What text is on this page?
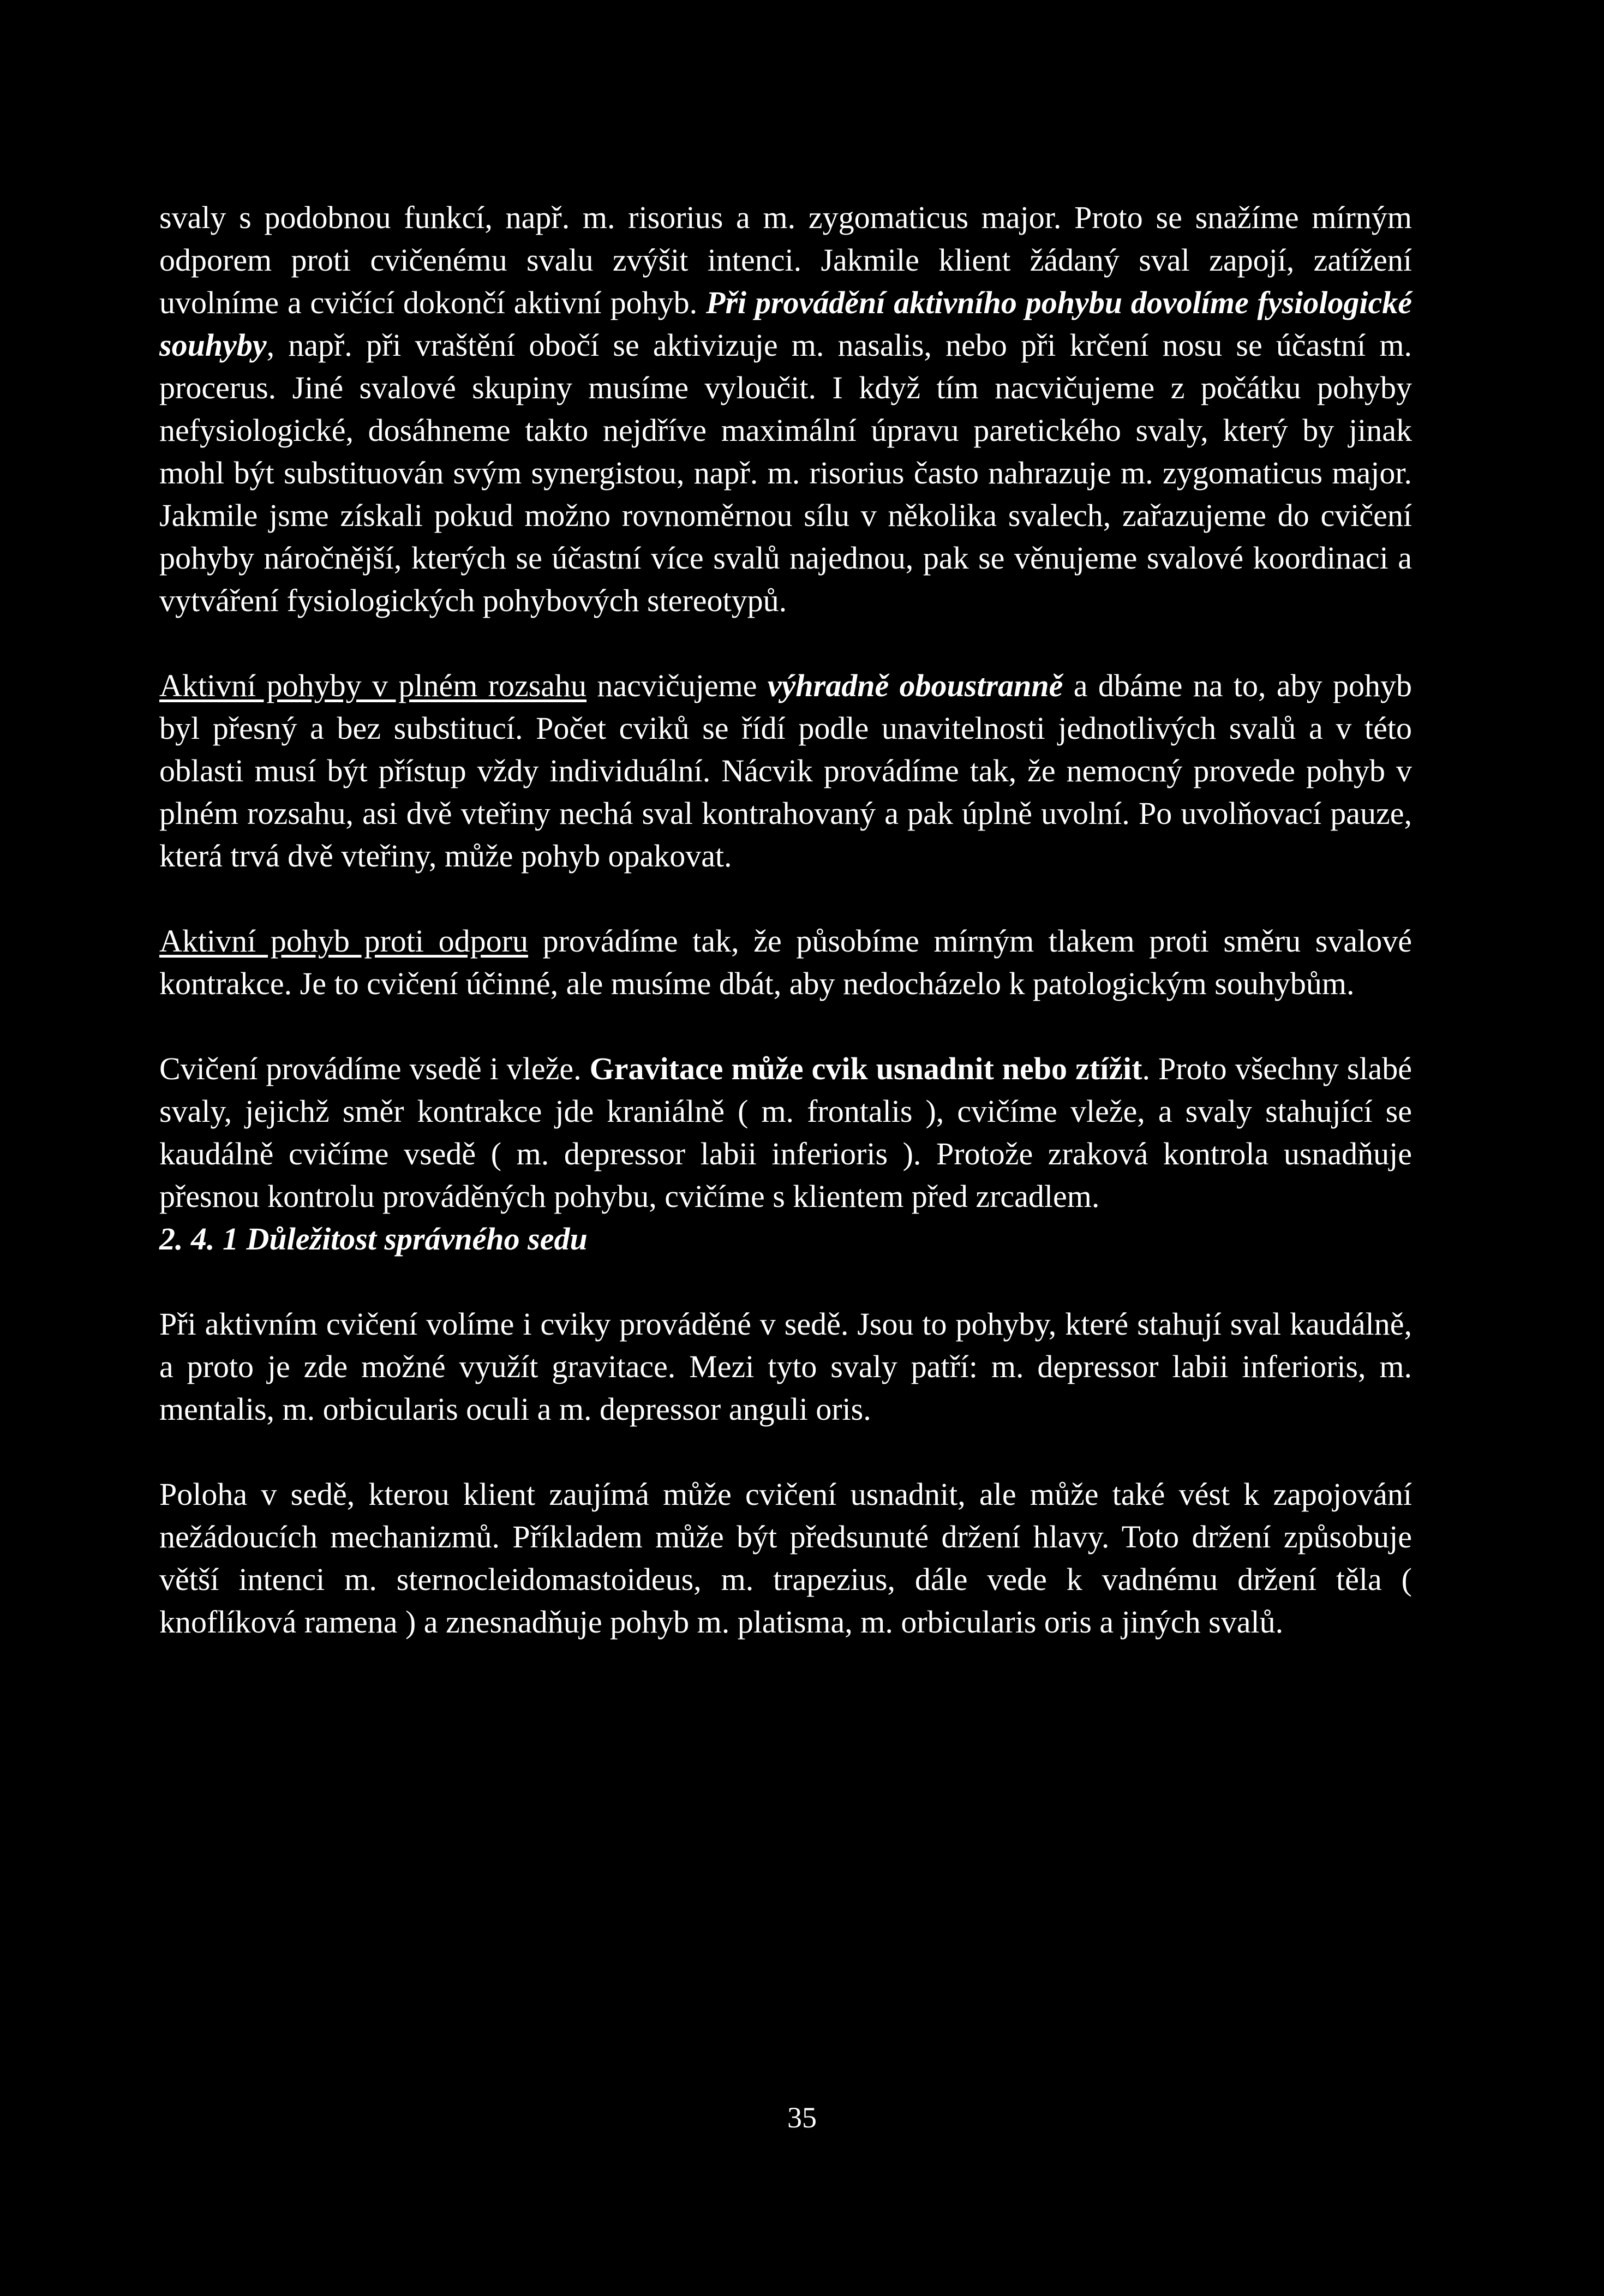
svaly s podobnou funkcí, např. m. risorius a m. zygomaticus major. Proto se snažíme mírným odporem proti cvičenému svalu zvýšit intenci. Jakmile klient žádaný sval zapojí, zatížení uvolníme a cvičící dokončí aktivní pohyb. Při provádění aktivního pohybu dovolíme fysiologické souhyby, např. při vraštění obočí se aktivizuje m. nasalis, nebo při krčení nosu se účastní m. procerus. Jiné svalové skupiny musíme vyloučit. I když tím nacvičujeme z počátku pohyby nefysiologické, dosáhneme takto nejdříve maximální úpravu paretického svaly, který by jinak mohl být substituován svým synergistou, např. m. risorius často nahrazuje m. zygomaticus major. Jakmile jsme získali pokud možno rovnoměrnou sílu v několika svalech, zařazujeme do cvičení pohyby náročnější, kterých se účastní více svalů najednou, pak se věnujeme svalové koordinaci a vytváření fysiologických pohybových stereotypů.

Aktivní pohyby v plném rozsahu nacvičujeme výhradně oboustranně a dbáme na to, aby pohyb byl přesný a bez substitucí. Počet cviků se řídí podle unavitelnosti jednotlivých svalů a v této oblasti musí být přístup vždy individuální. Nácvik provádíme tak, že nemocný provede pohyb v plném rozsahu, asi dvě vteřiny nechá sval kontrahovaný a pak úplně uvolní. Po uvolňovací pauze, která trvá dvě vteřiny, může pohyb opakovat.

Aktivní pohyb proti odporu provádíme tak, že působíme mírným tlakem proti směru svalové kontrakce. Je to cvičení účinné, ale musíme dbát, aby nedocházelo k patologickým souhybům.

Cvičení provádíme vsedě i vleže. Gravitace může cvik usnadnit nebo ztížit. Proto všechny slabé svaly, jejichž směr kontrakce jde kraniálně ( m. frontalis ), cvičíme vleže, a svaly stahující se kaudálně cvičíme vsedě ( m. depressor labii inferioris ). Protože zraková kontrola usnadňuje přesnou kontrolu prováděných pohybu, cvičíme s klientem před zrcadlem.

2. 4. 1 Důležitost správného sedu

Při aktivním cvičení volíme i cviky prováděné v sedě. Jsou to pohyby, které stahují sval kaudálně, a proto je zde možné využít gravitace. Mezi tyto svaly patří: m. depressor labii inferioris, m. mentalis, m. orbicularis oculi a m. depressor anguli oris.

Poloha v sedě, kterou klient zaujímá může cvičení usnadnit, ale může také vést k zapojování nežádoucích mechanizmů. Příkladem může být předsunuté držení hlavy. Toto držení způsobuje větší intenci m. sternocleidomastoideus, m. trapezius, dále vede k vadnému držení těla ( knoflíková ramena ) a znesnadňuje pohyb m. platisma, m. orbicularis oris a jiných svalů.

35
